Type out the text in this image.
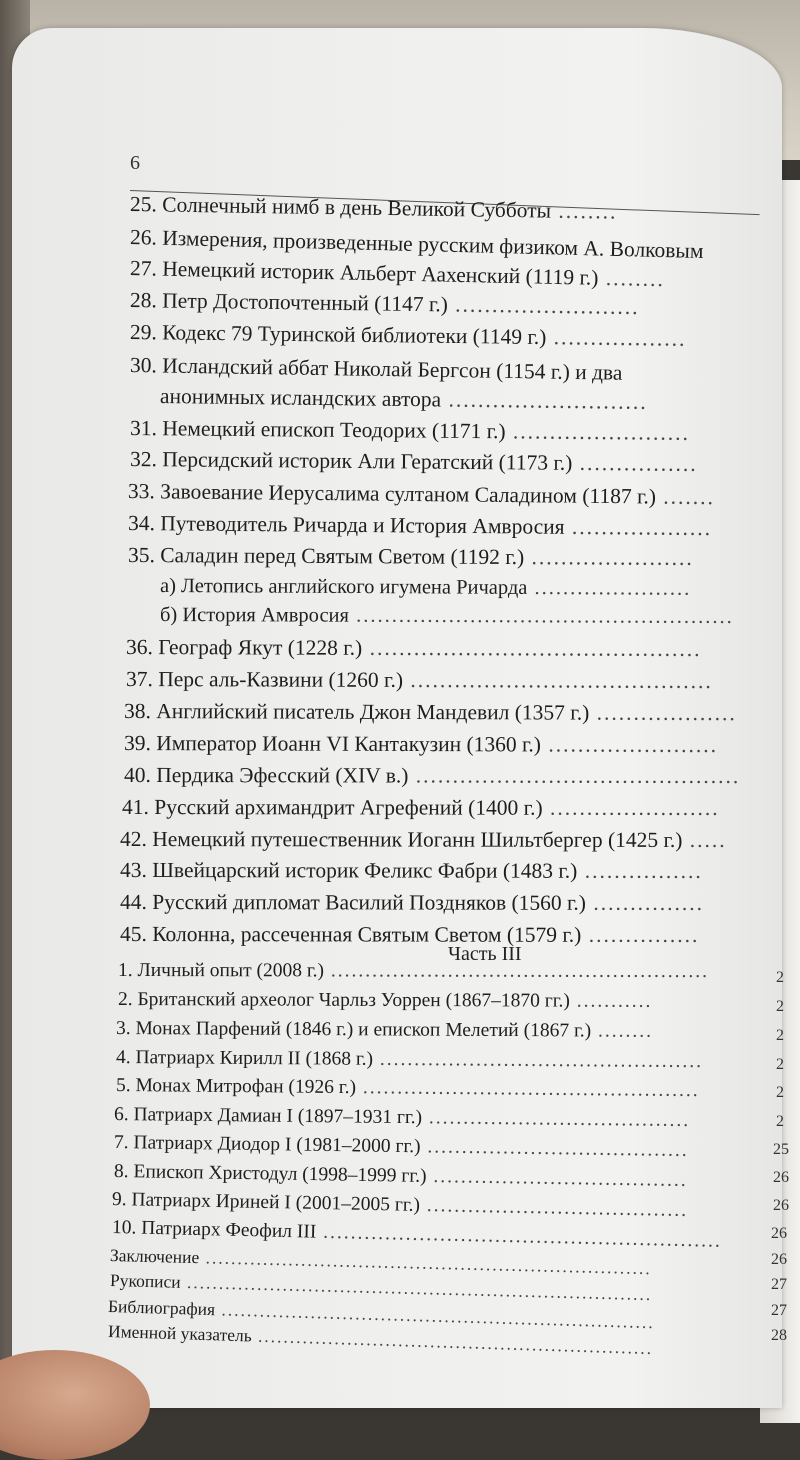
6
25. Солнечный нимб в день Великой Субботы ........
26. Измерения, произведенные русским физиком А. Волковым
27. Немецкий историк Альберт Аахенский (1119 г.) ........
28. Петр Достопочтенный (1147 г.) .........................
29. Кодекс 79 Туринской библиотеки (1149 г.) ..................
30. Исландский аббат Николай Бергсон (1154 г.) и два
анонимных исландских автора ...........................
31. Немецкий епископ Теодорих (1171 г.) ........................
32. Персидский историк Али Гератский (1173 г.) ................
33. Завоевание Иерусалима султаном Саладином (1187 г.) .......
34. Путеводитель Ричарда и История Амвросия ...................
35. Саладин перед Святым Светом (1192 г.) ......................
а) Летопись английского игумена Ричарда ......................
б) История Амвросия .....................................................
36. Географ Якут (1228 г.) .............................................
37. Перс аль-Казвини (1260 г.) .........................................
38. Английский писатель Джон Мандевил (1357 г.) ...................
39. Император Иоанн VI Кантакузин (1360 г.) .......................
40. Пердика Эфесский (XIV в.) ............................................
41. Русский архимандрит Агрефений (1400 г.) .......................
42. Немецкий путешественник Иоганн Шильтбергер (1425 г.) .....
43. Швейцарский историк Феликс Фабри (1483 г.) ................
44. Русский дипломат Василий Поздняков (1560 г.) ...............
45. Колонна, рассеченная Святым Светом (1579 г.) ...............
1. Личный опыт (2008 г.) .......................................................
2. Британский археолог Чарльз Уоррен (1867–1870 гг.) ...........
3. Монах Парфений (1846 г.) и епископ Мелетий (1867 г.) ........
4. Патриарх Кирилл II (1868 г.) ...............................................
5. Монах Митрофан (1926 г.) .................................................
6. Патриарх Дамиан I (1897–1931 гг.) ......................................
7. Патриарх Диодор I (1981–2000 гг.) ......................................
8. Епископ Христодул (1998–1999 гг.) .....................................
9. Патриарх Ириней I (2001–2005 гг.) ......................................
10. Патриарх Феофил III ..........................................................
Заключение ......................................................................
Рукописи .........................................................................
Библиография ....................................................................
Именной указатель ..............................................................
Часть III
2
2
2
2
2
2
25
26
26
26
26
27
27
28
